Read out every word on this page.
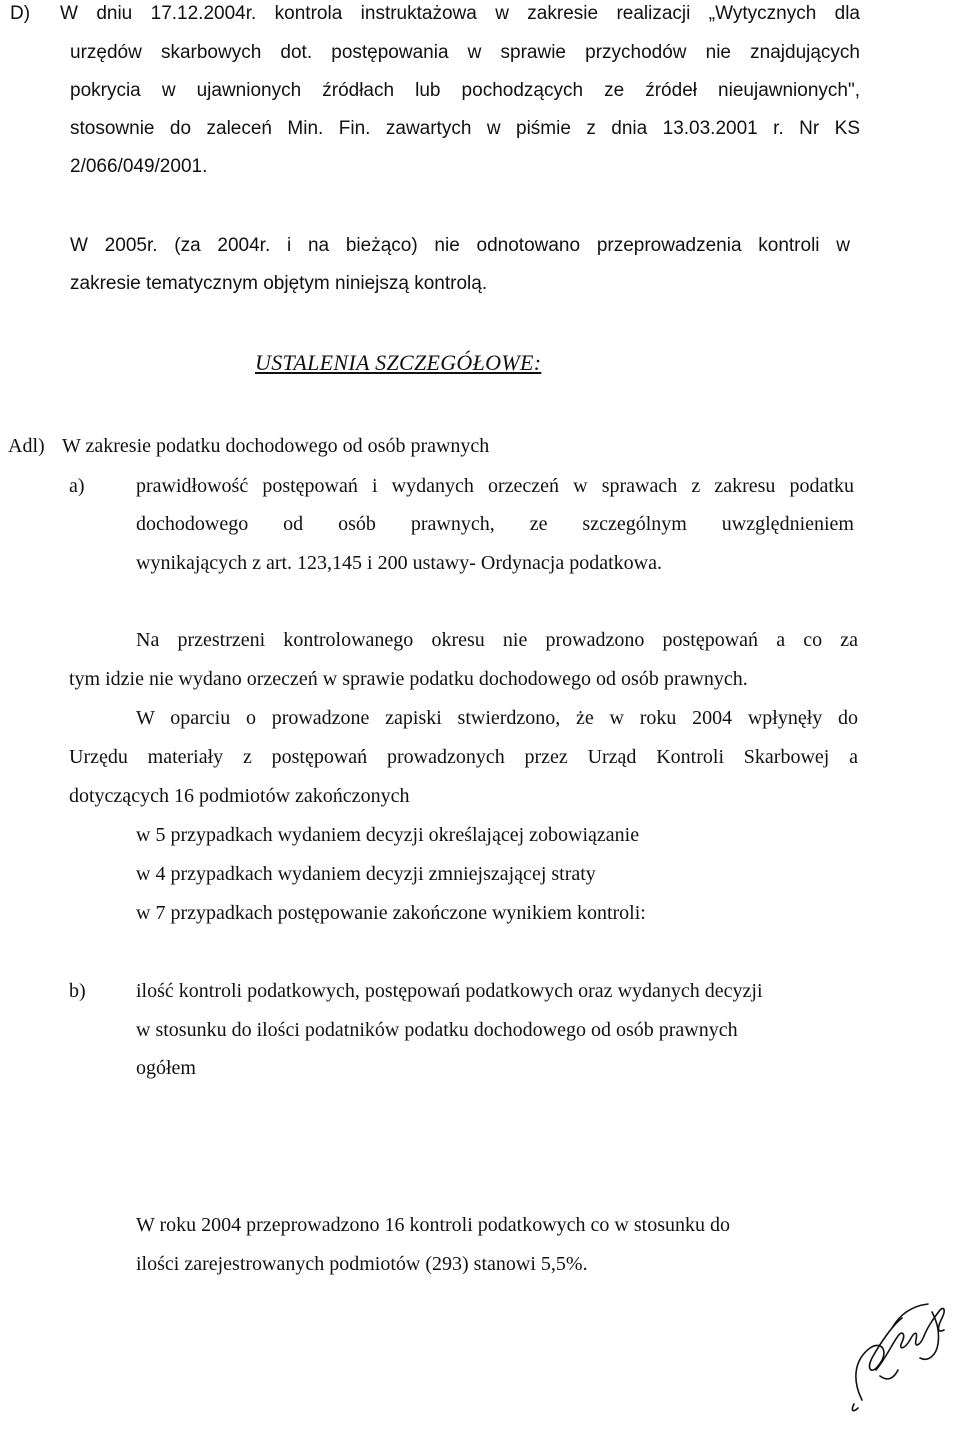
D) W dniu 17.12.2004r. kontrola instruktażowa w zakresie realizacji „Wytycznych dla
urzędów skarbowych dot. postępowania w sprawie przychodów nie znajdujących
pokrycia w ujawnionych źródłach lub pochodzących ze źródeł nieujawnionych",
stosownie do zaleceń Min. Fin. zawartych w piśmie z dnia 13.03.2001 r. Nr KS
2/066/049/2001.
W 2005r. (za 2004r. i na bieżąco) nie odnotowano przeprowadzenia kontroli w
zakresie tematycznym objętym niniejszą kontrolą.
USTALENIA SZCZEGÓŁOWE:
Adl) W zakresie podatku dochodowego od osób prawnych
a)	prawidłowość postępowań i wydanych orzeczeń w sprawach z zakresu podatku
dochodowego od osób prawnych, ze szczególnym uwzględnieniem
wynikających z art. 123,145 i 200 ustawy- Ordynacja podatkowa.
Na przestrzeni kontrolowanego okresu nie prowadzono postępowań a co za
tym idzie nie wydano orzeczeń w sprawie podatku dochodowego od osób prawnych.
W oparciu o prowadzone zapiski stwierdzono, że w roku 2004 wpłynęły do
Urzędu materiały z postępowań prowadzonych przez Urząd Kontroli Skarbowej a
dotyczących 16 podmiotów zakończonych
w 5 przypadkach wydaniem decyzji określającej zobowiązanie
w 4 przypadkach wydaniem decyzji zmniejszającej straty
w 7 przypadkach postępowanie zakończone wynikiem kontroli:
b)	ilość kontroli podatkowych, postępowań podatkowych oraz wydanych decyzji
w stosunku do ilości podatników podatku dochodowego od osób prawnych
ogółem
W roku 2004 przeprowadzono 16 kontroli podatkowych co w stosunku do
ilości zarejestrowanych podmiotów (293) stanowi 5,5%.
